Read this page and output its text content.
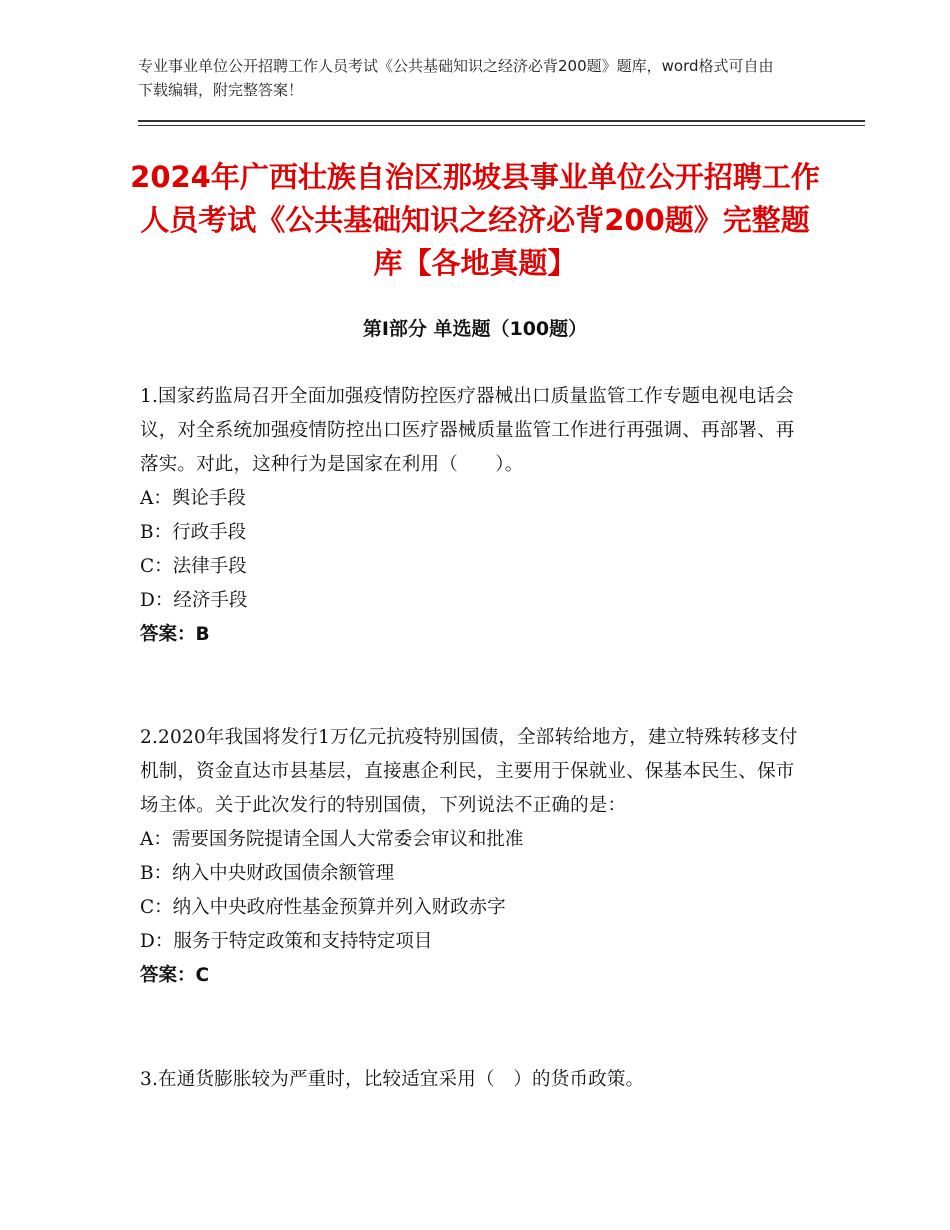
专业事业单位公开招聘工作人员考试《公共基础知识之经济必背200题》题库，word格式可自由下载编辑，附完整答案！
2024年广西壮族自治区那坡县事业单位公开招聘工作人员考试《公共基础知识之经济必背200题》完整题库【各地真题】
第Ⅰ部分 单选题（100题）
1.国家药监局召开全面加强疫情防控医疗器械出口质量监管工作专题电视电话会议，对全系统加强疫情防控出口医疗器械质量监管工作进行再强调、再部署、再落实。对此，这种行为是国家在利用（　　）。
A：舆论手段
B：行政手段
C：法律手段
D：经济手段
答案：B
2.2020年我国将发行1万亿元抗疫特别国债，全部转给地方，建立特殊转移支付机制，资金直达市县基层，直接惠企利民，主要用于保就业、保基本民生、保市场主体。关于此次发行的特别国债，下列说法不正确的是：
A：需要国务院提请全国人大常委会审议和批准
B：纳入中央财政国债余额管理
C：纳入中央政府性基金预算并列入财政赤字
D：服务于特定政策和支持特定项目
答案：C
3.在通货膨胀较为严重时，比较适宜采用（　）的货币政策。
